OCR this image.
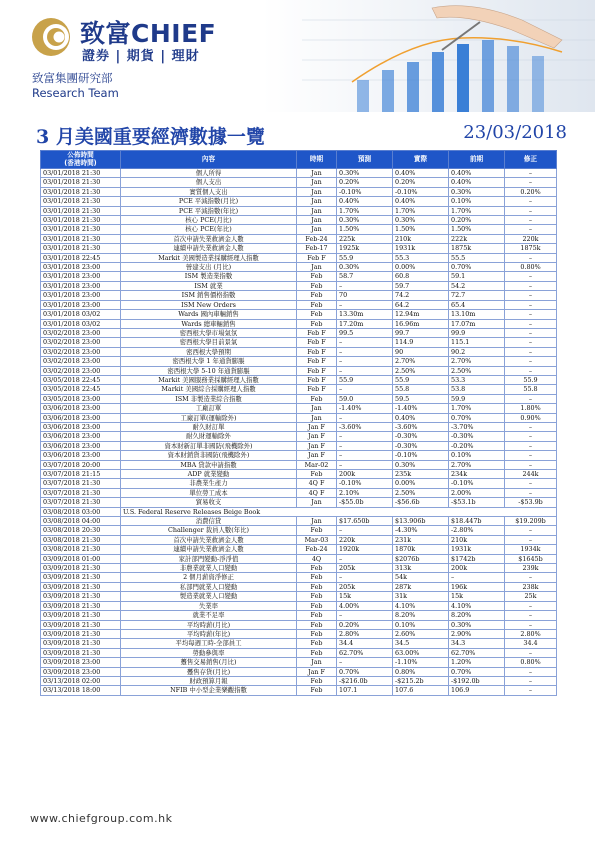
致富CHIEF
證券 | 期貨 | 理財
致富集團研究部
Research Team
3 月美國重要經濟數據一覽	23/03/2018
公佈時間
(香港時間)	內容	時期	預測	實際	前期	修正
03/01/2018 21:30	個人所得	Jan	0.30%	0.40%	0.40%	–
03/01/2018 21:30	個人支出	Jan	0.20%	0.20%	0.40%	–
03/01/2018 21:30	實質個人支出	Jan	-0.10%	-0.10%	0.30%	0.20%
03/01/2018 21:30	PCE 平減指數(月比)	Jan	0.40%	0.40%	0.10%	–
03/01/2018 21:30	PCE 平減指數(年比)	Jan	1.70%	1.70%	1.70%	–
03/01/2018 21:30	核心 PCE(月比)	Jan	0.30%	0.30%	0.20%	–
03/01/2018 21:30	核心 PCE(年比)	Jan	1.50%	1.50%	1.50%	–
03/01/2018 21:30	首次申請失業救濟金人數	Feb-24	225k	210k	222k	220k
03/01/2018 21:30	連續申請失業救濟金人數	Feb-17	1925k	1931k	1875k	1875k
03/01/2018 22:45	Markit 美國製造業採購經理人指數	Feb F	55.9	55.3	55.5	–
03/01/2018 23:00	營建支出 (月比)	Jan	0.30%	0.00%	0.70%	0.80%
03/01/2018 23:00	ISM 製造業指數	Feb	58.7	60.8	59.1	–
03/01/2018 23:00	ISM 就業	Feb	–	59.7	54.2	–
03/01/2018 23:00	ISM 銷售價格指數	Feb	70	74.2	72.7	–
03/01/2018 23:00	ISM New Orders	Feb	–	64.2	65.4	–
03/01/2018 03/02	Wards 國內車輛銷售	Feb	13.30m	12.94m	13.10m	–
03/01/2018 03/02	Wards 總車輛銷售	Feb	17.20m	16.96m	17.07m	–
03/02/2018 23:00	密西根大學市場氣氛	Feb F	99.5	99.7	99.9	–
03/02/2018 23:00	密西根大學目前景氣	Feb F	–	114.9	115.1	–
03/02/2018 23:00	密西根大學預期	Feb F	–	90	90.2	–
03/02/2018 23:00	密西根大學 1 年通貨膨脹	Feb F	–	2.70%	2.70%	–
03/02/2018 23:00	密西根大學 5-10 年通貨膨脹	Feb F	–	2.50%	2.50%	–
03/05/2018 22:45	Markit 美國服務業採購經理人指數	Feb F	55.9	55.9	53.3	55.9
03/05/2018 22:45	Markit 美國綜合採購經理人指數	Feb F	–	55.8	53.8	55.8
03/05/2018 23:00	ISM 非製造業綜合指數	Feb	59.0	59.5	59.9	–
03/06/2018 23:00	工廠訂單	Jan	-1.40%	-1.40%	1.70%	1.80%
03/06/2018 23:00	工廠訂單(運輸除外)	Jan	–	0.40%	0.70%	0.90%
03/06/2018 23:00	耐久財訂單	Jan F	-3.60%	-3.60%	-3.70%	–
03/06/2018 23:00	耐久財運輸除外	Jan F	–	-0.30%	-0.30%	–
03/06/2018 23:00	資本財新訂單非國防(飛機除外)	Jan F	–	-0.30%	-0.20%	–
03/06/2018 23:00	資本財銷貨非國防(飛機除外)	Jan F	–	-0.10%	0.10%	–
03/07/2018 20:00	MBA 貸款申請指數	Mar-02	–	0.30%	2.70%	–
03/07/2018 21:15	ADP 就業變動	Feb	200k	235k	234k	244k
03/07/2018 21:30	非農業生產力	4Q F	-0.10%	0.00%	-0.10%	–
03/07/2018 21:30	單位勞工成本	4Q F	2.10%	2.50%	2.00%	–
03/07/2018 21:30	貿易收支	Jan	-$55.0b	-$56.6b	-$53.1b	-$53.9b
03/08/2018 03:00	U.S. Federal Reserve Releases Beige Book					
03/08/2018 04:00	消費信貸	Jan	$17.650b	$13.906b	$18.447b	$19.209b
03/08/2018 20:30	Challenger 裁員人數(年比)	Feb	–	-4.30%	-2.80%	–
03/08/2018 21:30	首次申請失業救濟金人數	Mar-03	220k	231k	210k	–
03/08/2018 21:30	連續申請失業救濟金人數	Feb-24	1920k	1870k	1931k	1934k
03/09/2018 01:00	家計部門變動-淨淨值	4Q	–	$2076b	$1742b	$1645b
03/09/2018 21:30	非農業就業人口變動	Feb	205k	313k	200k	239k
03/09/2018 21:30	2 個月薪資淨修正	Feb	–	54k	–	–
03/09/2018 21:30	私部門就業人口變動	Feb	205k	287k	196k	238k
03/09/2018 21:30	製造業就業人口變動	Feb	15k	31k	15k	25k
03/09/2018 21:30	失業率	Feb	4.00%	4.10%	4.10%	–
03/09/2018 21:30	就業不足率	Feb	–	8.20%	8.20%	–
03/09/2018 21:30	平均時薪(月比)	Feb	0.20%	0.10%	0.30%	–
03/09/2018 21:30	平均時薪(年比)	Feb	2.80%	2.60%	2.90%	2.80%
03/09/2018 21:30	平均每週工時-全部員工	Feb	34.4	34.5	34.3	34.4
03/09/2018 21:30	勞動參與率	Feb	62.70%	63.00%	62.70%	–
03/09/2018 23:00	躉售交易銷售(月比)	Jan	–	-1.10%	1.20%	0.80%
03/09/2018 23:00	躉售存貨(月比)	Jan F	0.70%	0.80%	0.70%	–
03/13/2018 02:00	財政預算月報	Feb	-$216.0b	-$215.2b	-$192.0b	–
03/13/2018 18:00	NFIB 中小型企業樂觀指數	Feb	107.1	107.6	106.9	–
www.chiefgroup.com.hk
